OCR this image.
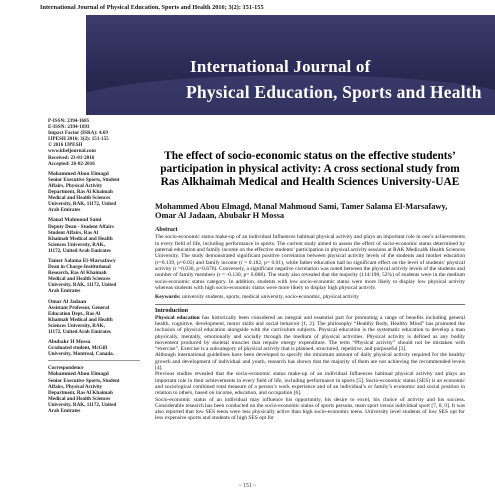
International Journal of Physical Education, Sports and Health 2016; 3(2): 151-155
International Journal of
Physical Education, Sports and Health
P-ISSN: 2394-1685
E-ISSN: 2394-1693
Impact Factor (ISRA): 4.69
IJPESH 2016; 3(2): 151-155
© 2016 IJPESH
www.kheljournal.com
Received: 23-01-2016
Accepted: 26-02-2016
Mohammed Abou Elmagd
Senior Executive Sports, Student
Affairs, Physical Activity
Department, Ras Al Khaimah
Medical and Health Sciences
University, RAK, 11172, United
Arab Emirates
Manal Mahmoud Sami
Deputy Dean - Student Affairs
Student Affairs, Ras Al
Khaimah Medical and Health
Sciences University, RAK,
11172, United Arab Emirates
Tamer Salama El-Marsafawy
Dean in Charge-Institutional
Research, Ras Al Khaimah
Medical and Health Sciences
University, RAK, 11172, United
Arab Emirates
Omar Al Jadaan
Assistant Professor, General
Education Dept., Ras Al
Khaimah Medical and Health
Sciences University, RAK,
11172, United Arab Emirates
Abubakr H Mossa
Graduated student, McGill
University, Montreal, Canada.
Correspondence
Mohammed Abou Elmagd
Senior Executive Sports, Student
Affairs, Physical Activity
Department, Ras Al Khaimah
Medical and Health Sciences
University, RAK, 11172, United
Arab Emirates
The effect of socio-economic status on the effective students’ participation in physical activity: A cross sectional study from Ras Alkhaimah Medical and Health Sciences University-UAE
Mohammed Abou Elmagd, Manal Mahmoud Sami, Tamer Salama El-Marsafawy, Omar Al Jadaan, Abubakr H Mossa
Abstract

The socio-economic status make-up of an individual Influences habitual physical activity and plays an important role in one’s achievements in every field of life, including performance in sports. The current study aimed to assess the effect of socio-economic status determined by paternal education and family income on the effective students’ participation in physical activity sessions at RAK Medical& Health Sciences University. The study demonstrated significant positive correlation between physical activity levels of the students and mother education (r=0.139, p=0.05) and family income (r = 0.182, p= 0.01), while father education had no significant effect on the level of students’ physical activity (r =0.030, p=0.676). Conversely, a significant negative correlation was noted between the physical activity levels of the students and number of family members (r = -0.130, p= 0.068). The study also revealed that the majority (114/198, 52%) of students were in the medium socio-economic status category. In addition, students with low socio-economic status were more likely to display low physical activity whereas students with high socio-economic status were more likely to display high physical activity.

Keywords: university students, sports, medical university, socio-economic, physical activity
Introduction

Physical education has historically been considered an integral and essential part for promoting a range of benefits including general health, cognitive, development, motor skills and social behavior [1, 2]. The philosophy “Healthy Body, Healthy Mind” has promoted the inclusion of physical education alongside with the curriculum subjects. Physical education is the systematic education to develop a man physically, mentally, emotionally and socially through the medium of physical activities. Physical activity is defined as any bodily movement produced by skeletal muscles that require energy expenditure. The term “Physical activity” should not be mistaken with “exercise”. Exercise is a subcategory of physical activity that is planned, structured, repetitive, and purposeful [3].

Although international guidelines have been developed to specify the minimum amount of daily physical activity required for the healthy growth and development of individual and youth, research has shown that the majority of them are not achieving the recommended levels [4].

Previous studies revealed that the socio-economic status make-up of an individual Influences habitual physical activity and plays an important role in their achievements in every field of life, including performance in sports [5]. Socio-economic status (SES) is an economic and sociological combined total measure of a person’s work experience and of an individual’s or family’s economic and social position in relation to others, based on income, education, and occupation [6].

Socio-economic status of an individual may influence his opportunity, his desire to excel, his choice of activity and his success. Considerable research has been conducted on the socio-economic status of sports persons, team sport versus individual sport [7, 8, 9]. It was also reported that low SES teens were less physically active than high socio-economic teens. University level students of low SES opt for less expensive sports and students of high SES opt for

~ 151 ~
